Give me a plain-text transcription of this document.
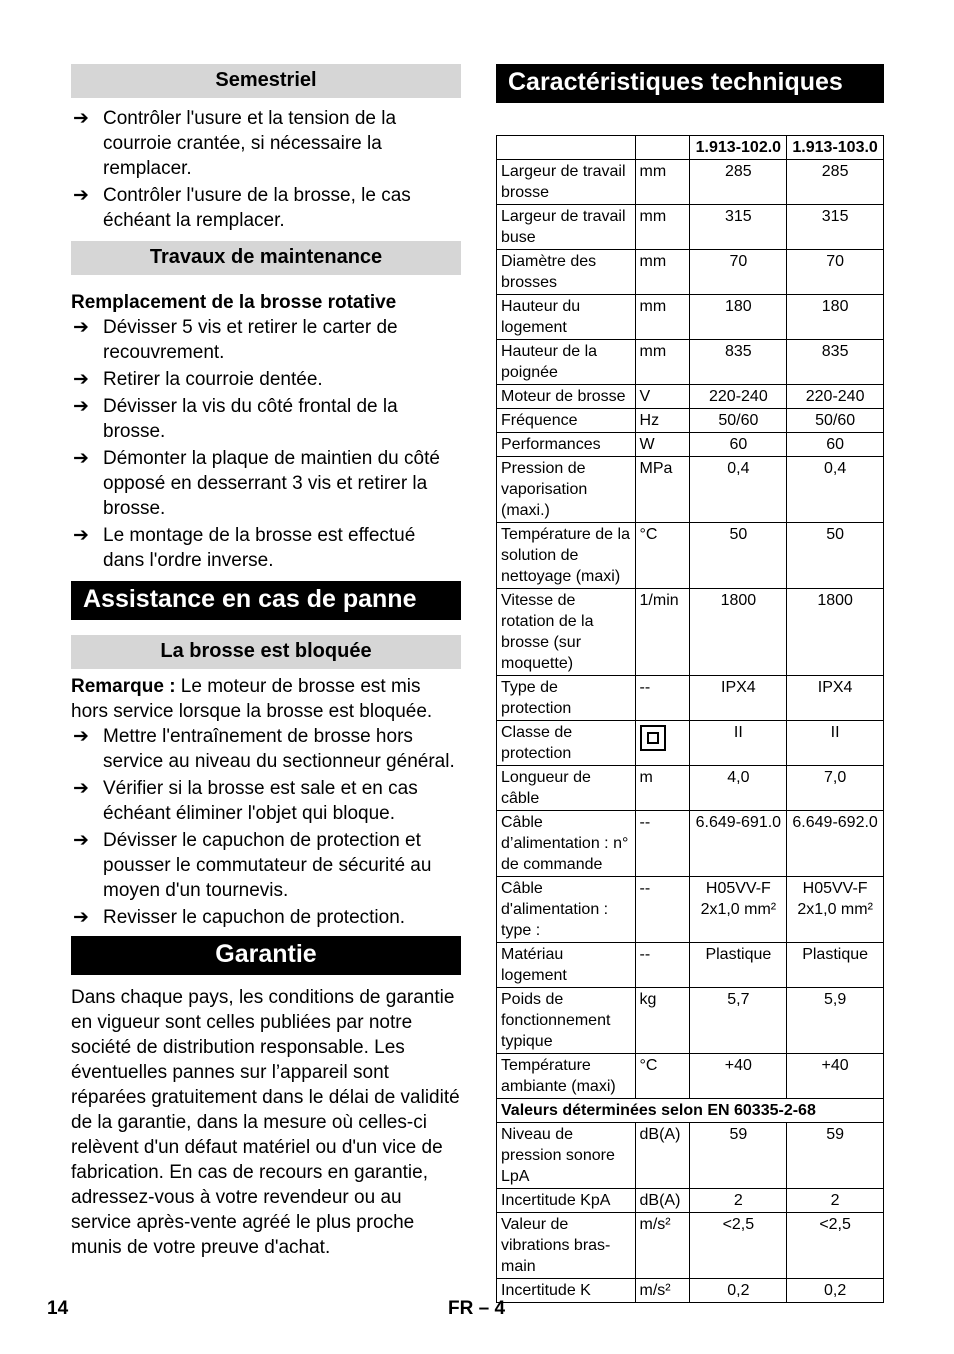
Semestriel
➔ Contrôler l'usure et la tension de la courroie crantée, si nécessaire la remplacer.
➔ Contrôler l'usure de la brosse, le cas échéant la remplacer.
Travaux de maintenance

Remplacement de la brosse rotative

➔ Dévisser 5 vis et retirer le carter de recouvrement.
➔ Retirer la courroie dentée.
➔ Dévisser la vis du côté frontal de la brosse.
➔ Démonter la plaque de maintien du côté opposé en desserrant 3 vis et retirer la brosse.
➔ Le montage de la brosse est effectué dans l'ordre inverse.
Assistance en cas de panne
La brosse est bloquée

Remarque : Le moteur de brosse est mis hors service lorsque la brosse est bloquée.

➔ Mettre l'entraînement de brosse hors service au niveau du sectionneur général.
➔ Vérifier si la brosse est sale et en cas échéant éliminer l'objet qui bloque.
➔ Dévisser le capuchon de protection et pousser le commutateur de sécurité au moyen d'un tournevis.
➔ Revisser le capuchon de protection.
Garantie

Dans chaque pays, les conditions de garantie en vigueur sont celles publiées par notre société de distribution responsable. Les éventuelles pannes sur l’appareil sont réparées gratuitement dans le délai de validité de la garantie, dans la mesure où celles-ci relèvent d'un défaut matériel ou d'un vice de fabrication. En cas de recours en garantie, adressez-vous à votre revendeur ou au service après-vente agréé le plus proche munis de votre preuve d'achat.

Caractéristiques techniques
		1.913-102.0	1.913-103.0
Largeur de travail brosse	mm	285	285
Largeur de travail buse	mm	315	315
Diamètre des brosses	mm	70	70
Hauteur du logement	mm	180	180
Hauteur de la poignée	mm	835	835
Moteur de brosse	V	220-240	220-240
Fréquence	Hz	50/60	50/60
Performances	W	60	60
Pression de vaporisation (maxi.)	MPa	0,4	0,4
Température de la solution de nettoyage (maxi)	°C	50	50
Vitesse de rotation de la brosse (sur moquette)	1/min	1800	1800
Type de protection	--	IPX4	IPX4
Classe de protection		II	II
Longueur de câble	m	4,0	7,0
Câble d’alimentation : n° de commande	--	6.649-691.0	6.649-692.0
Câble d'alimentation : type :	--	H05VV-F 2x1,0 mm²	H05VV-F 2x1,0 mm²
Matériau logement	--	Plastique	Plastique
Poids de fonctionnement typique	kg	5,7	5,9
Température ambiante (maxi)	°C	+40	+40
Valeurs déterminées selon EN 60335-2-68			
Niveau de pression sonore LpA	dB(A)	59	59
Incertitude KpA	dB(A)	2	2
Valeur de vibrations bras-main	m/s²	<2,5	<2,5
Incertitude K	m/s²	0,2	0,2
14	FR – 4
